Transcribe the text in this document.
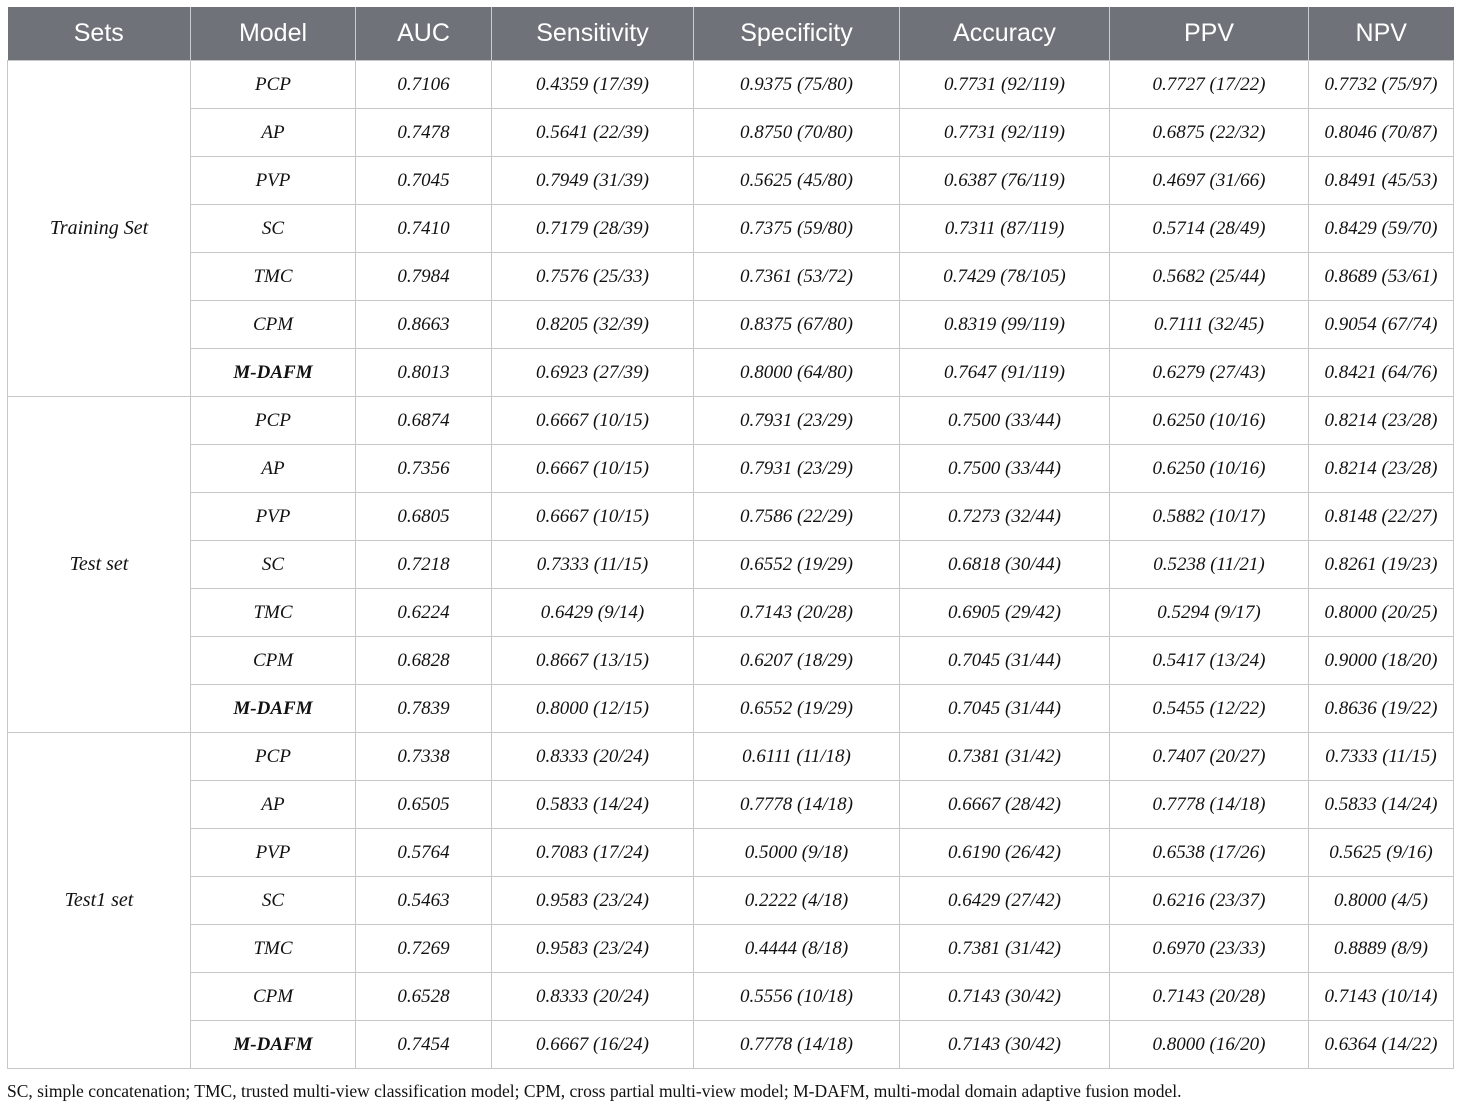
Sets	Model	AUC	Sensitivity	Specificity	Accuracy	PPV	NPV
Training Set	PCP	0.7106	0.4359 (17/39)	0.9375 (75/80)	0.7731 (92/119)	0.7727 (17/22)	0.7732 (75/97)
	AP	0.7478	0.5641 (22/39)	0.8750 (70/80)	0.7731 (92/119)	0.6875 (22/32)	0.8046 (70/87)
	PVP	0.7045	0.7949 (31/39)	0.5625 (45/80)	0.6387 (76/119)	0.4697 (31/66)	0.8491 (45/53)
	SC	0.7410	0.7179 (28/39)	0.7375 (59/80)	0.7311 (87/119)	0.5714 (28/49)	0.8429 (59/70)
	TMC	0.7984	0.7576 (25/33)	0.7361 (53/72)	0.7429 (78/105)	0.5682 (25/44)	0.8689 (53/61)
	CPM	0.8663	0.8205 (32/39)	0.8375 (67/80)	0.8319 (99/119)	0.7111 (32/45)	0.9054 (67/74)
	M-DAFM	0.8013	0.6923 (27/39)	0.8000 (64/80)	0.7647 (91/119)	0.6279 (27/43)	0.8421 (64/76)
Test set	PCP	0.6874	0.6667 (10/15)	0.7931 (23/29)	0.7500 (33/44)	0.6250 (10/16)	0.8214 (23/28)
	AP	0.7356	0.6667 (10/15)	0.7931 (23/29)	0.7500 (33/44)	0.6250 (10/16)	0.8214 (23/28)
	PVP	0.6805	0.6667 (10/15)	0.7586 (22/29)	0.7273 (32/44)	0.5882 (10/17)	0.8148 (22/27)
	SC	0.7218	0.7333 (11/15)	0.6552 (19/29)	0.6818 (30/44)	0.5238 (11/21)	0.8261 (19/23)
	TMC	0.6224	0.6429 (9/14)	0.7143 (20/28)	0.6905 (29/42)	0.5294 (9/17)	0.8000 (20/25)
	CPM	0.6828	0.8667 (13/15)	0.6207 (18/29)	0.7045 (31/44)	0.5417 (13/24)	0.9000 (18/20)
	M-DAFM	0.7839	0.8000 (12/15)	0.6552 (19/29)	0.7045 (31/44)	0.5455 (12/22)	0.8636 (19/22)
Test1 set	PCP	0.7338	0.8333 (20/24)	0.6111 (11/18)	0.7381 (31/42)	0.7407 (20/27)	0.7333 (11/15)
	AP	0.6505	0.5833 (14/24)	0.7778 (14/18)	0.6667 (28/42)	0.7778 (14/18)	0.5833 (14/24)
	PVP	0.5764	0.7083 (17/24)	0.5000 (9/18)	0.6190 (26/42)	0.6538 (17/26)	0.5625 (9/16)
	SC	0.5463	0.9583 (23/24)	0.2222 (4/18)	0.6429 (27/42)	0.6216 (23/37)	0.8000 (4/5)
	TMC	0.7269	0.9583 (23/24)	0.4444 (8/18)	0.7381 (31/42)	0.6970 (23/33)	0.8889 (8/9)
	CPM	0.6528	0.8333 (20/24)	0.5556 (10/18)	0.7143 (30/42)	0.7143 (20/28)	0.7143 (10/14)
	M-DAFM	0.7454	0.6667 (16/24)	0.7778 (14/18)	0.7143 (30/42)	0.8000 (16/20)	0.6364 (14/22)
SC, simple concatenation; TMC, trusted multi-view classification model; CPM, cross partial multi-view model; M-DAFM, multi-modal domain adaptive fusion model.
